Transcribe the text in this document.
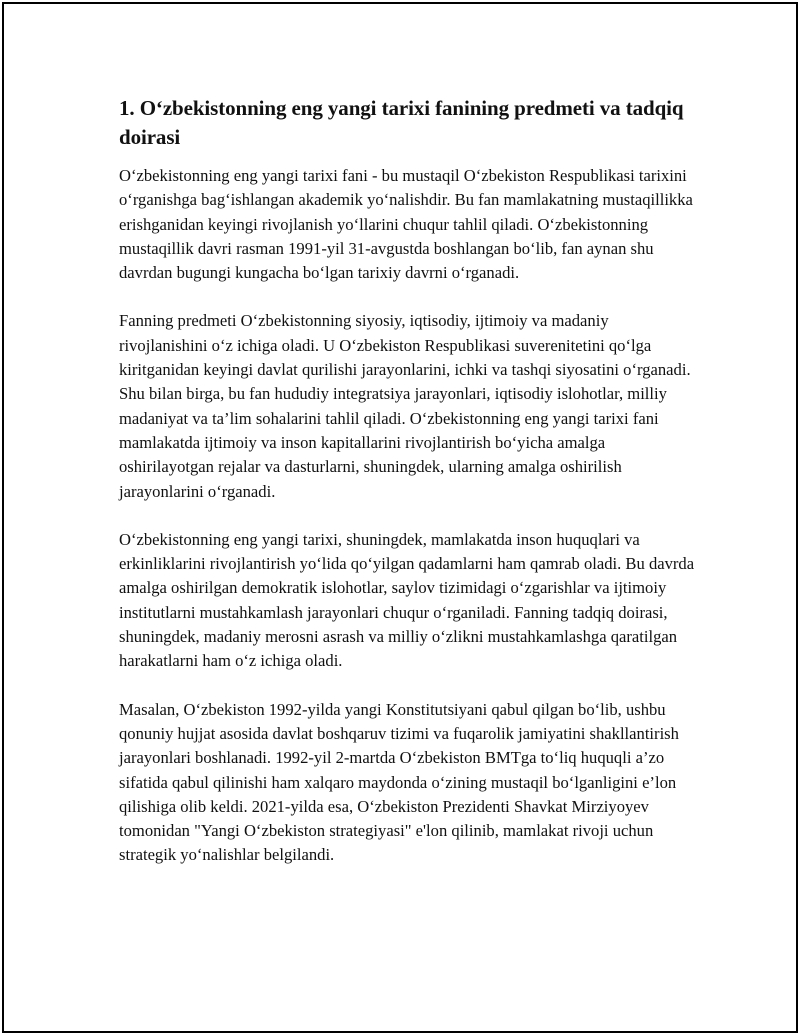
1. O‘zbekistonning eng yangi tarixi fanining predmeti va tadqiq doirasi

O‘zbekistonning eng yangi tarixi fani - bu mustaqil O‘zbekiston Respublikasi tarixini o‘rganishga bag‘ishlangan akademik yo‘nalishdir. Bu fan mamlakatning mustaqillikka erishganidan keyingi rivojlanish yo‘llarini chuqur tahlil qiladi. O‘zbekistonning mustaqillik davri rasman 1991-yil 31-avgustda boshlangan bo‘lib, fan aynan shu davrdan bugungi kungacha bo‘lgan tarixiy davrni o‘rganadi.

Fanning predmeti O‘zbekistonning siyosiy, iqtisodiy, ijtimoiy va madaniy rivojlanishini o‘z ichiga oladi. U O‘zbekiston Respublikasi suverenitetini qo‘lga kiritganidan keyingi davlat qurilishi jarayonlarini, ichki va tashqi siyosatini o‘rganadi. Shu bilan birga, bu fan hududiy integratsiya jarayonlari, iqtisodiy islohotlar, milliy madaniyat va ta’lim sohalarini tahlil qiladi. O‘zbekistonning eng yangi tarixi fani mamlakatda ijtimoiy va inson kapitallarini rivojlantirish bo‘yicha amalga oshirilayotgan rejalar va dasturlarni, shuningdek, ularning amalga oshirilish jarayonlarini o‘rganadi.

O‘zbekistonning eng yangi tarixi, shuningdek, mamlakatda inson huquqlari va erkinliklarini rivojlantirish yo‘lida qo‘yilgan qadamlarni ham qamrab oladi. Bu davrda amalga oshirilgan demokratik islohotlar, saylov tizimidagi o‘zgarishlar va ijtimoiy institutlarni mustahkamlash jarayonlari chuqur o‘rganiladi. Fanning tadqiq doirasi, shuningdek, madaniy merosni asrash va milliy o‘zlikni mustahkamlashga qaratilgan harakatlarni ham o‘z ichiga oladi.

Masalan, O‘zbekiston 1992-yilda yangi Konstitutsiyani qabul qilgan bo‘lib, ushbu qonuniy hujjat asosida davlat boshqaruv tizimi va fuqarolik jamiyatini shakllantirish jarayonlari boshlanadi. 1992-yil 2-martda O‘zbekiston BMTga to‘liq huquqli a’zo sifatida qabul qilinishi ham xalqaro maydonda o‘zining mustaqil bo‘lganligini e’lon qilishiga olib keldi. 2021-yilda esa, O‘zbekiston Prezidenti Shavkat Mirziyoyev tomonidan "Yangi O‘zbekiston strategiyasi" e'lon qilinib, mamlakat rivoji uchun strategik yo‘nalishlar belgilandi.
